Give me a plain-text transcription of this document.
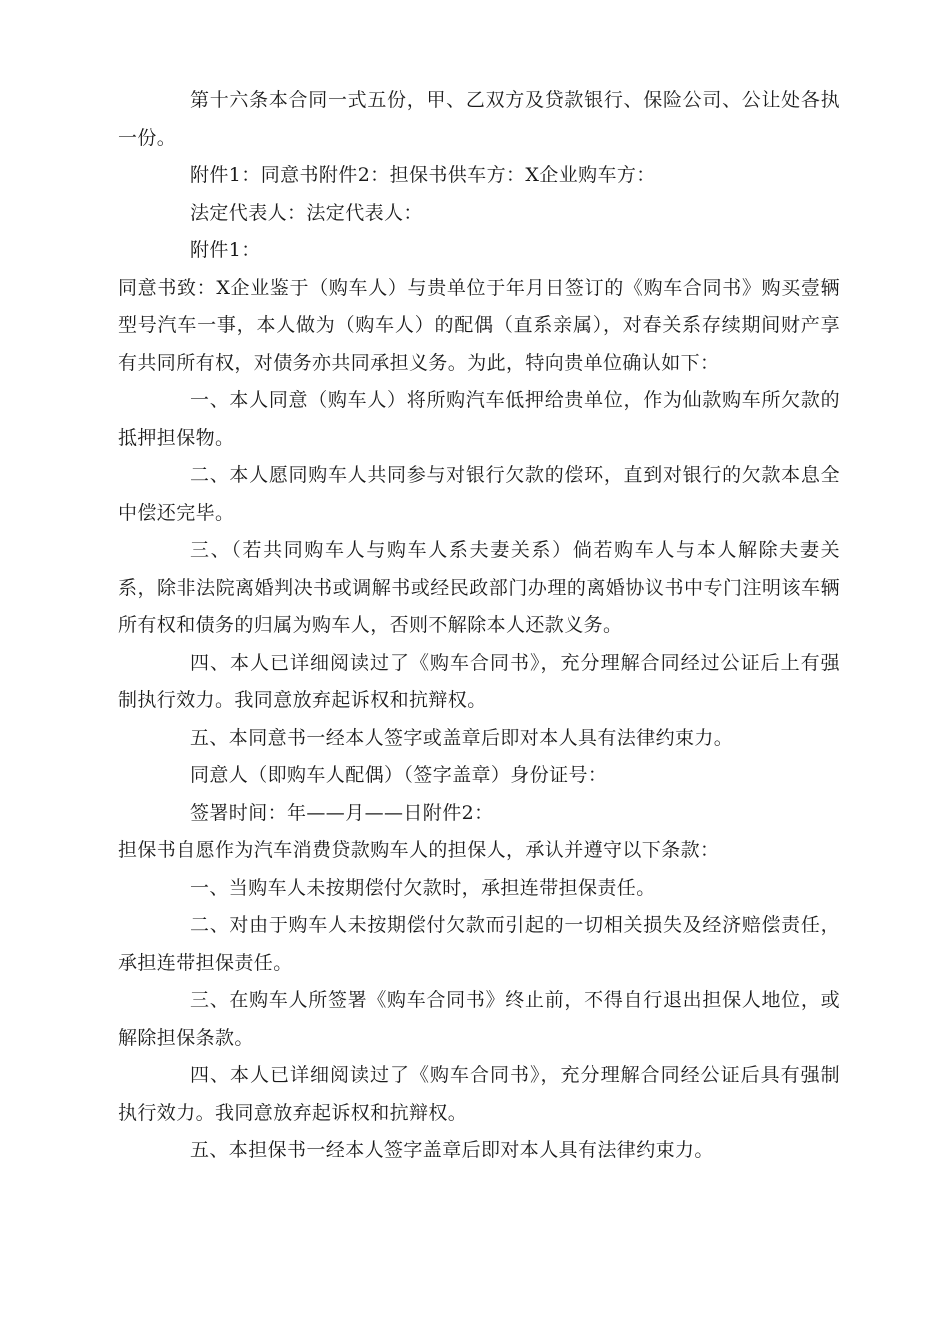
第十六条本合同一式五份，甲、乙双方及贷款银行、保险公司、公让处各执一份。

附件1：同意书附件2：担保书供车方：X企业购车方：

法定代表人：法定代表人：

附件1：

同意书致：X企业鉴于（购车人）与贵单位于年月日签订的《购车合同书》购买壹辆型号汽车一事，本人做为（购车人）的配偶（直系亲属），对春关系存续期间财产享有共同所有权，对债务亦共同承担义务。为此，特向贵单位确认如下：

一、本人同意（购车人）将所购汽车低押给贵单位，作为仙款购车所欠款的抵押担保物。

二、本人愿同购车人共同参与对银行欠款的偿环，直到对银行的欠款本息全中偿还完毕。

三、（若共同购车人与购车人系夫妻关系）倘若购车人与本人解除夫妻关系，除非法院离婚判决书或调解书或经民政部门办理的离婚协议书中专门注明该车辆所有权和债务的归属为购车人，否则不解除本人还款义务。

四、本人已详细阅读过了《购车合同书》，充分理解合同经过公证后上有强制执行效力。我同意放弃起诉权和抗辩权。

五、本同意书一经本人签字或盖章后即对本人具有法律约束力。

同意人（即购车人配偶）（签字盖章）身份证号：

签署时间：年——月——日附件2：

担保书自愿作为汽车消费贷款购车人的担保人，承认并遵守以下条款：

一、当购车人未按期偿付欠款时，承担连带担保责任。

二、对由于购车人未按期偿付欠款而引起的一切相关损失及经济赔偿责任，承担连带担保责任。

三、在购车人所签署《购车合同书》终止前，不得自行退出担保人地位，或解除担保条款。

四、本人已详细阅读过了《购车合同书》，充分理解合同经公证后具有强制执行效力。我同意放弃起诉权和抗辩权。

五、本担保书一经本人签字盖章后即对本人具有法律约束力。
